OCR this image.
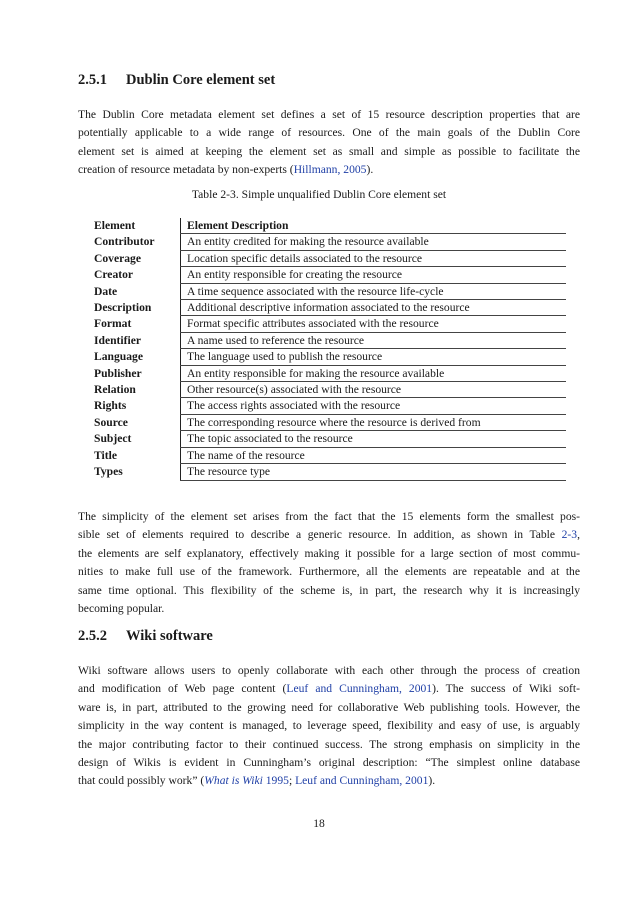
2.5.1 Dublin Core element set
The Dublin Core metadata element set defines a set of 15 resource description properties that are
potentially applicable to a wide range of resources. One of the main goals of the Dublin Core
element set is aimed at keeping the element set as small and simple as possible to facilitate the
creation of resource metadata by non-experts (Hillmann, 2005).
Table 2-3. Simple unqualified Dublin Core element set
Element	Element Description
Contributor	An entity credited for making the resource available
Coverage	Location specific details associated to the resource
Creator	An entity responsible for creating the resource
Date	A time sequence associated with the resource life-cycle
Description	Additional descriptive information associated to the resource
Format	Format specific attributes associated with the resource
Identifier	A name used to reference the resource
Language	The language used to publish the resource
Publisher	An entity responsible for making the resource available
Relation	Other resource(s) associated with the resource
Rights	The access rights associated with the resource
Source	The corresponding resource where the resource is derived from
Subject	The topic associated to the resource
Title	The name of the resource
Types	The resource type
The simplicity of the element set arises from the fact that the 15 elements form the smallest pos-
sible set of elements required to describe a generic resource. In addition, as shown in Table 2-3,
the elements are self explanatory, effectively making it possible for a large section of most commu-
nities to make full use of the framework. Furthermore, all the elements are repeatable and at the
same time optional. This flexibility of the scheme is, in part, the research why it is increasingly
becoming popular.
2.5.2 Wiki software
Wiki software allows users to openly collaborate with each other through the process of creation
and modification of Web page content (Leuf and Cunningham, 2001). The success of Wiki soft-
ware is, in part, attributed to the growing need for collaborative Web publishing tools. However, the
simplicity in the way content is managed, to leverage speed, flexibility and easy of use, is arguably
the major contributing factor to their continued success. The strong emphasis on simplicity in the
design of Wikis is evident in Cunningham’s original description: “The simplest online database
that could possibly work” (What is Wiki 1995; Leuf and Cunningham, 2001).
18
